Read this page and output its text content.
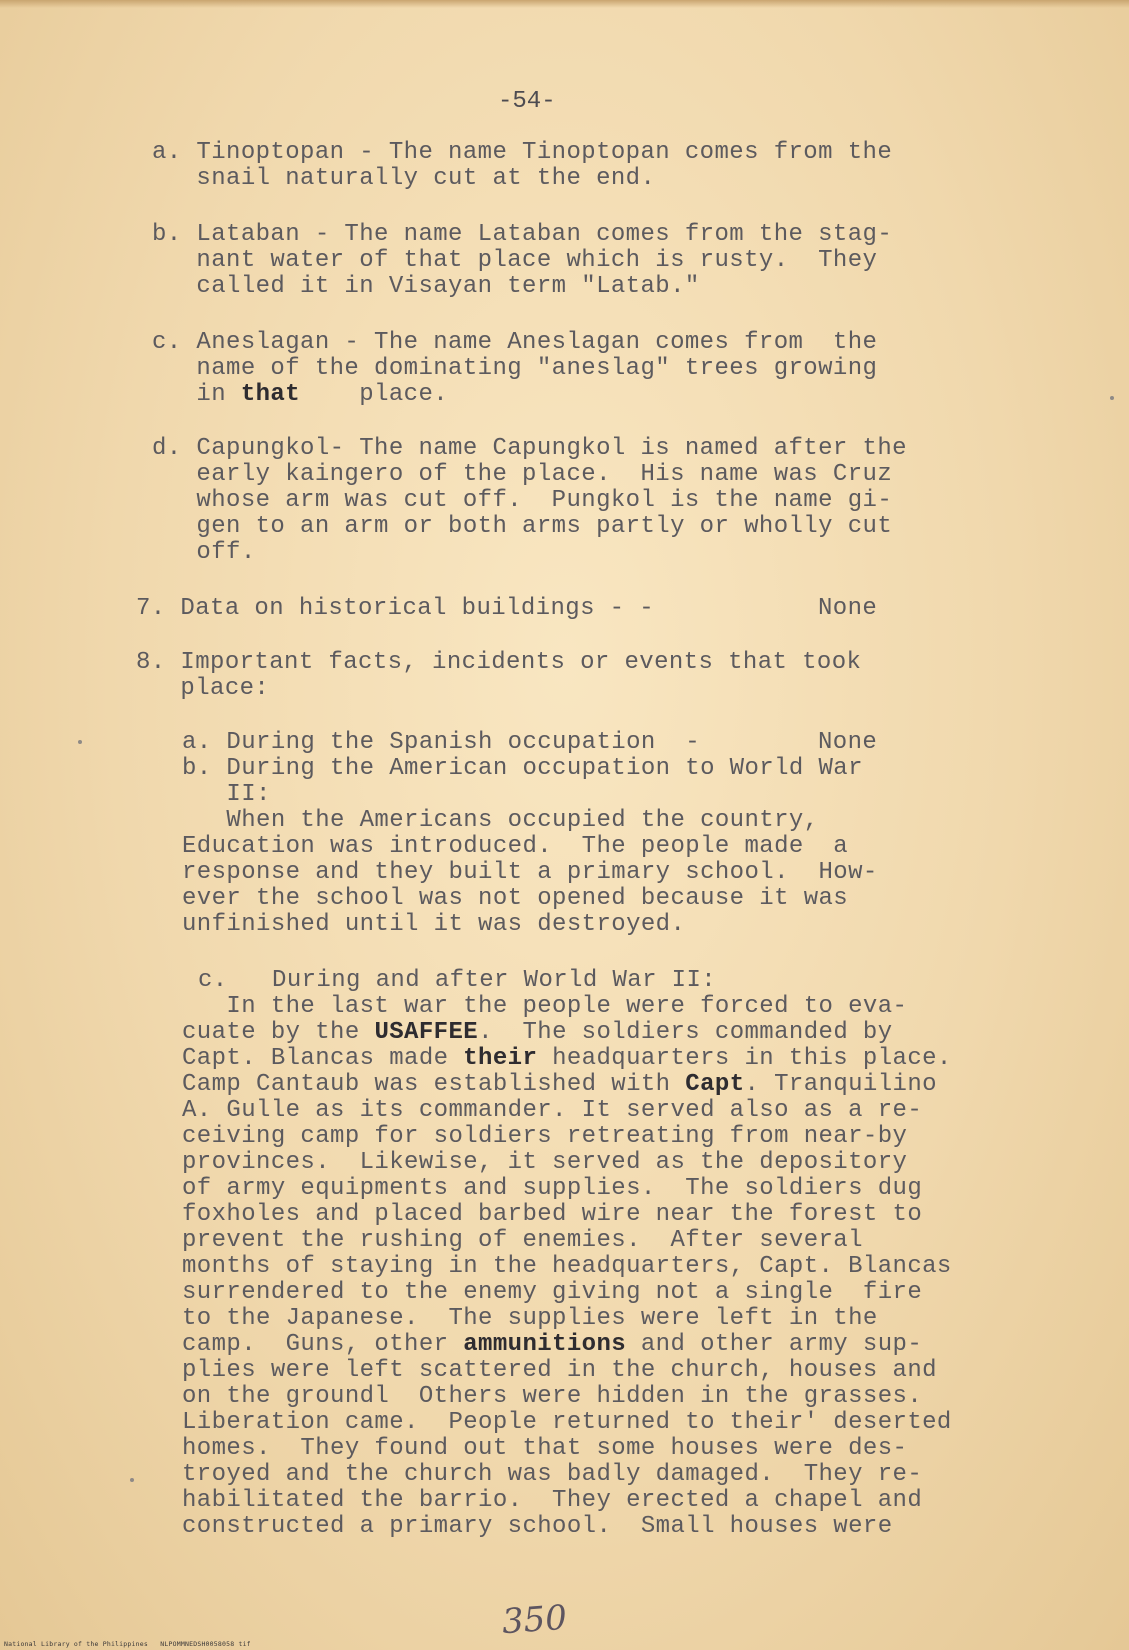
-54-
a. Tinoptopan - The name Tinoptopan comes from the
snail naturally cut at the end.
b. Lataban - The name Lataban comes from the stag-
nant water of that place which is rusty.  They
called it in Visayan term "Latab."
c. Aneslagan - The name Aneslagan comes from  the
name of the dominating "aneslag" trees growing
in that    place.
d. Capungkol- The name Capungkol is named after the
early kaingero of the place.  His name was Cruz
whose arm was cut off.  Pungkol is the name gi-
gen to an arm or both arms partly or wholly cut
off.
7. Data on historical buildings - -	None
8. Important facts, incidents or events that took
place:
a. During the Spanish occupation  -	None
b. During the American occupation to World War
II:
When the Americans occupied the country,
Education was introduced.  The people made  a
response and they built a primary school.  How-
ever the school was not opened because it was
unfinished until it was destroyed.
c.   During and after World War II:
In the last war the people were forced to eva-
cuate by the USAFFEE.  The soldiers commanded by
Capt. Blancas made their headquarters in this place.
Camp Cantaub was established with Capt. Tranquilino
A. Gulle as its commander. It served also as a re-
ceiving camp for soldiers retreating from near-by
provinces.  Likewise, it served as the depository
of army equipments and supplies.  The soldiers dug
foxholes and placed barbed wire near the forest to
prevent the rushing of enemies.  After several
months of staying in the headquarters, Capt. Blancas
surrendered to the enemy giving not a single  fire
to the Japanese.  The supplies were left in the
camp.  Guns, other ammunitions and other army sup-
plies were left scattered in the church, houses and
on the groundl  Others were hidden in the grasses.
Liberation came.  People returned to their' deserted
homes.  They found out that some houses were des-
troyed and the church was badly damaged.  They re-
habilitated the barrio.  They erected a chapel and
constructed a primary school.  Small houses were
350
National Library of the Philippines   NLPOMMNEDSH0058058 tif
